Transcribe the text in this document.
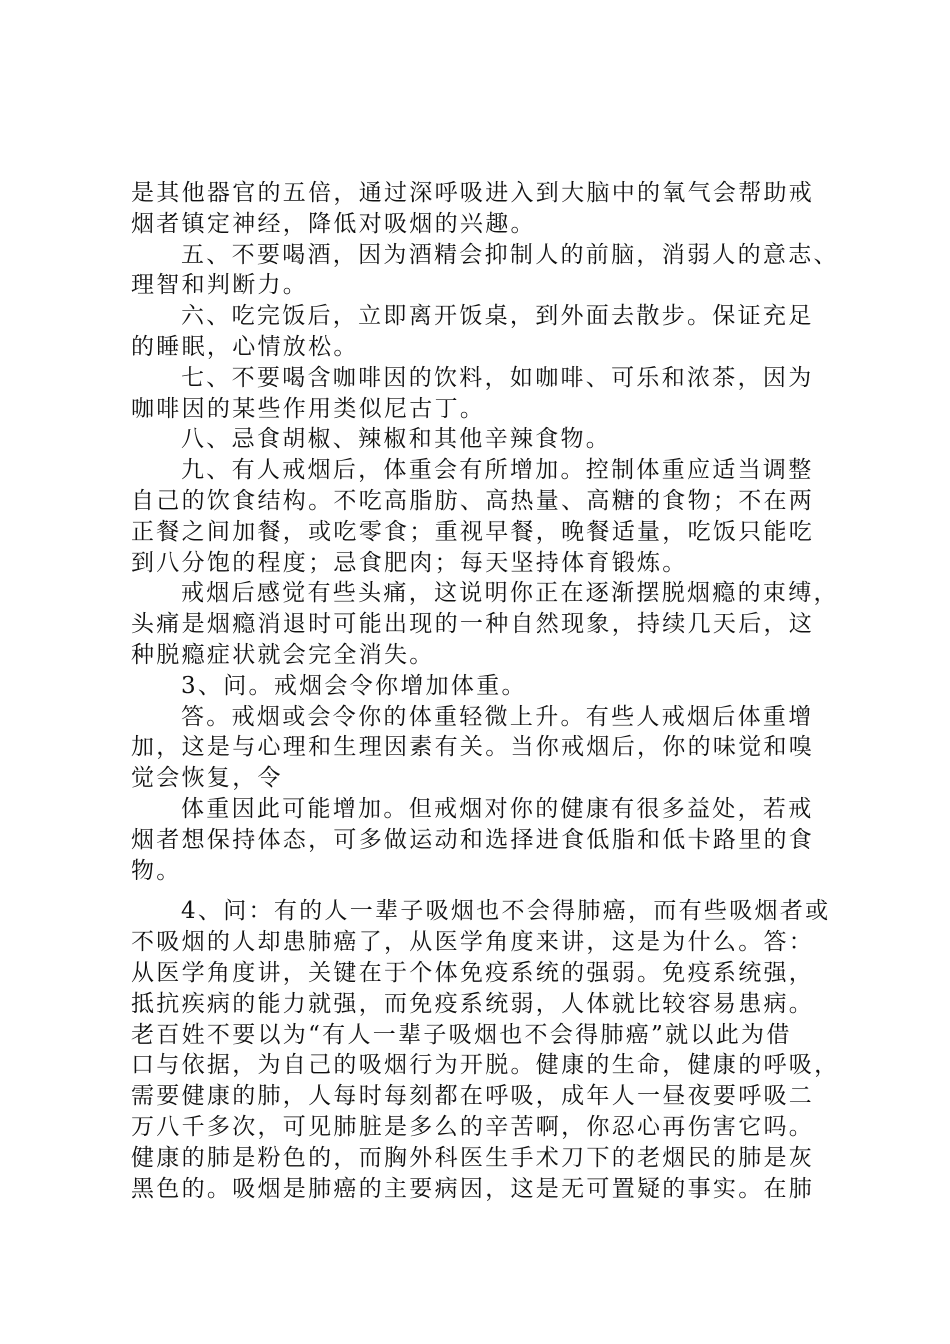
是其他器官的五倍，通过深呼吸进入到大脑中的氧气会帮助戒
烟者镇定神经，降低对吸烟的兴趣。
五、不要喝酒，因为酒精会抑制人的前脑，消弱人的意志、
理智和判断力。
六、吃完饭后，立即离开饭桌，到外面去散步。保证充足
的睡眠，心情放松。
七、不要喝含咖啡因的饮料，如咖啡、可乐和浓茶，因为
咖啡因的某些作用类似尼古丁。
八、忌食胡椒、辣椒和其他辛辣食物。
九、有人戒烟后，体重会有所增加。控制体重应适当调整
自己的饮食结构。不吃高脂肪、高热量、高糖的食物；不在两
正餐之间加餐，或吃零食；重视早餐，晚餐适量，吃饭只能吃
到八分饱的程度；忌食肥肉；每天坚持体育锻炼。
戒烟后感觉有些头痛，这说明你正在逐渐摆脱烟瘾的束缚，
头痛是烟瘾消退时可能出现的一种自然现象，持续几天后，这
种脱瘾症状就会完全消失。
3、问。戒烟会令你增加体重。
答。戒烟或会令你的体重轻微上升。有些人戒烟后体重增
加，这是与心理和生理因素有关。当你戒烟后，你的味觉和嗅
觉会恢复，令
体重因此可能增加。但戒烟对你的健康有很多益处，若戒
烟者想保持体态，可多做运动和选择进食低脂和低卡路里的食
物。
4、问：有的人一辈子吸烟也不会得肺癌，而有些吸烟者或
不吸烟的人却患肺癌了，从医学角度来讲，这是为什么。答：
从医学角度讲，关键在于个体免疫系统的强弱。免疫系统强，
抵抗疾病的能力就强，而免疫系统弱，人体就比较容易患病。
老百姓不要以为“有人一辈子吸烟也不会得肺癌”就以此为借
口与依据，为自己的吸烟行为开脱。健康的生命，健康的呼吸，
需要健康的肺，人每时每刻都在呼吸，成年人一昼夜要呼吸二
万八千多次，可见肺脏是多么的辛苦啊，你忍心再伤害它吗。
健康的肺是粉色的，而胸外科医生手术刀下的老烟民的肺是灰
黑色的。吸烟是肺癌的主要病因，这是无可置疑的事实。在肺
